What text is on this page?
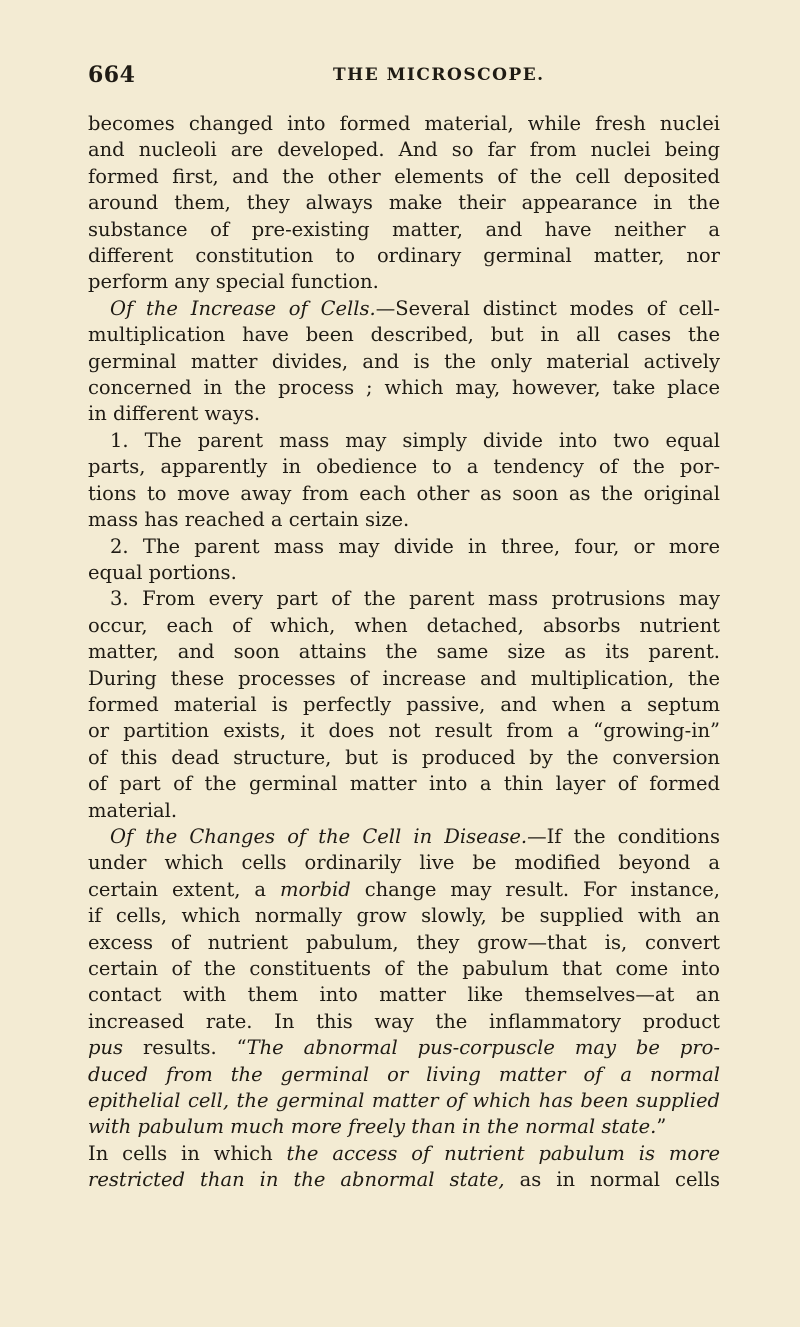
664	THE MICROSCOPE.
becomes changed into formed material, while fresh nuclei
and nucleoli are developed. And so far from nuclei being
formed first, and the other elements of the cell deposited
around them, they always make their appearance in the
substance of pre-existing matter, and have neither a
different constitution to ordinary germinal matter, nor
perform any special function.
Of the Increase of Cells.—Several distinct modes of cell-
multiplication have been described, but in all cases the
germinal matter divides, and is the only material actively
concerned in the process ; which may, however, take place
in different ways.
1. The parent mass may simply divide into two equal
parts, apparently in obedience to a tendency of the por-
tions to move away from each other as soon as the original
mass has reached a certain size.
2. The parent mass may divide in three, four, or more
equal portions.
3. From every part of the parent mass protrusions may
occur, each of which, when detached, absorbs nutrient
matter, and soon attains the same size as its parent.
During these processes of increase and multiplication, the
formed material is perfectly passive, and when a septum
or partition exists, it does not result from a “growing-in”
of this dead structure, but is produced by the conversion
of part of the germinal matter into a thin layer of formed
material.
Of the Changes of the Cell in Disease.—If the conditions
under which cells ordinarily live be modified beyond a
certain extent, a morbid change may result. For instance,
if cells, which normally grow slowly, be supplied with an
excess of nutrient pabulum, they grow—that is, convert
certain of the constituents of the pabulum that come into
contact with them into matter like themselves—at an
increased rate. In this way the inflammatory product
pus results. “The abnormal pus-corpuscle may be pro-
duced from the germinal or living matter of a normal
epithelial cell, the germinal matter of which has been supplied
with pabulum much more freely than in the normal state.”
In cells in which the access of nutrient pabulum is more
restricted than in the abnormal state, as in normal cells
